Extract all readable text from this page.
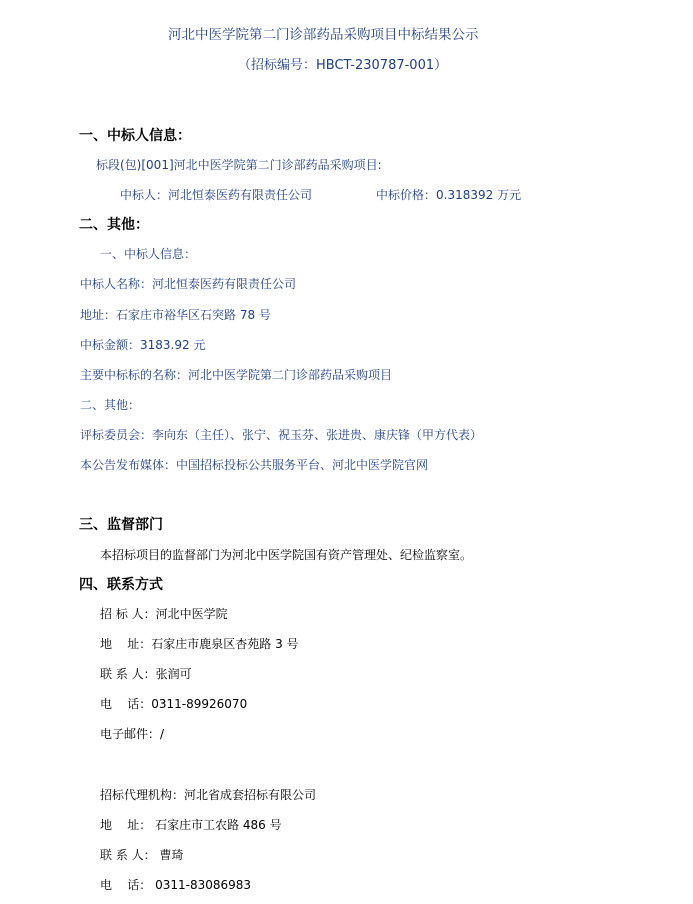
河北中医学院第二门诊部药品采购项目中标结果公示
（招标编号：HBCT-230787-001）
一、中标人信息：
标段(包)[001]河北中医学院第二门诊部药品采购项目:
中标人：河北恒泰医药有限责任公司	中标价格：0.318392 万元
二、其他：
一、中标人信息：
中标人名称：河北恒泰医药有限责任公司
地址：石家庄市裕华区石突路 78 号
中标金额：3183.92 元
主要中标标的名称：河北中医学院第二门诊部药品采购项目
二、其他：
评标委员会：李向东（主任）、张宁、祝玉芬、张进贵、康庆锋（甲方代表）
本公告发布媒体：中国招标投标公共服务平台、河北中医学院官网
三、监督部门
本招标项目的监督部门为河北中医学院国有资产管理处、纪检监察室。
四、联系方式
招 标 人：河北中医学院
地    址：石家庄市鹿泉区杏苑路 3 号
联 系 人：张润可
电    话：0311-89926070
电子邮件：/
招标代理机构：河北省成套招标有限公司
地    址： 石家庄市工农路 486 号
联 系 人： 曹琦
电    话： 0311-83086983
